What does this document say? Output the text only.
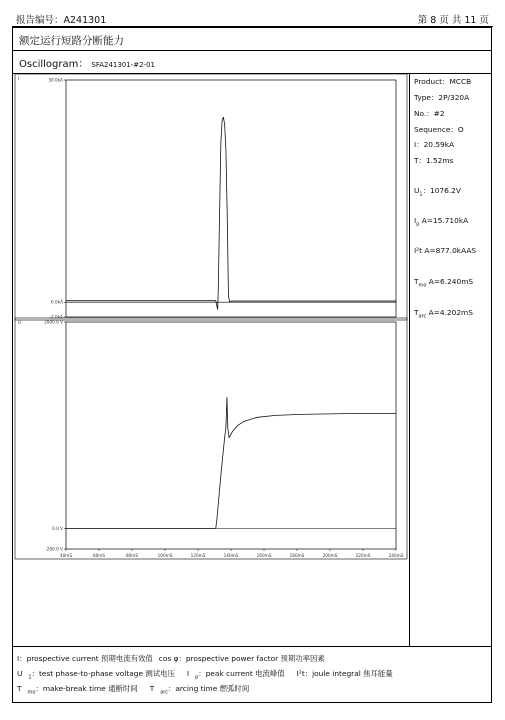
报告编号：A241301	第 8 页 共 11 页
额定运行短路分断能力
Oscillogram： SFA241301-#2-01
Product：MCCB
Type：2P/320A
No.：#2
Sequence：O
I：20.59kA
T：1.52ms
$U_1$：1076.2V
$I_p$ A=15.710kA
I²t A=877.0kAAS
$T_{mo}$ A=6.240mS
$T_{arc}$ A=4.202mS
I：prospective current 预期电流有效值 cos φ：prospective power factor 预期功率因素
U $_1$：test phase-to-phase voltage 测试电压 I $_p$：peak current 电流峰值 I²t：joule integral 焦耳能量
T $_{mo}$：make-break time 通断时间 T $_{arc}$：arcing time 燃弧时间
I	30.0kA
0.0kA
-2.0kA
U	2000.0 V
0.0 V
-200.0 V
40mS	60mS	80mS	100mS	120mS	140mS	160mS	180mS	200mS	220mS	240mS
